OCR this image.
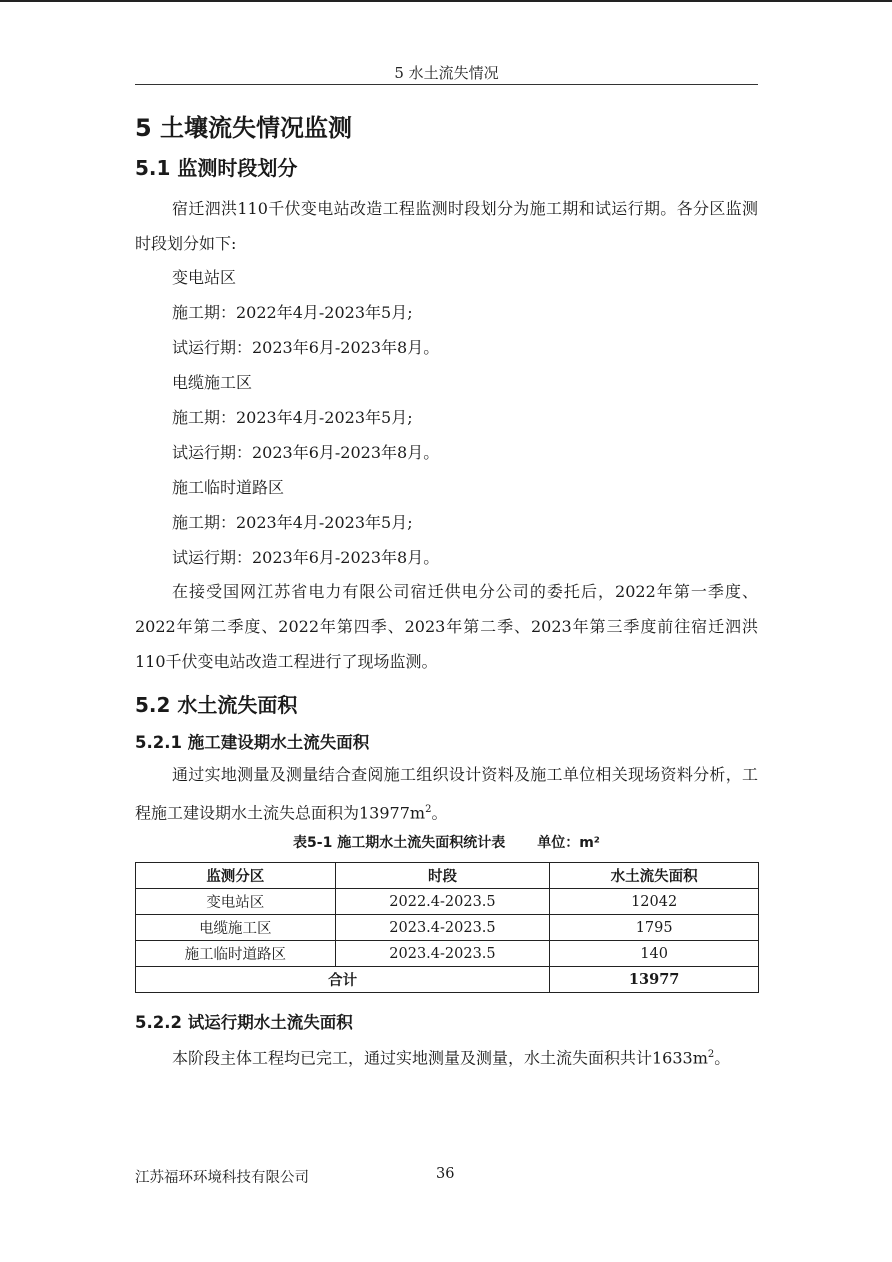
5 水土流失情况
5 土壤流失情况监测
5.1 监测时段划分

宿迁泗洪110千伏变电站改造工程监测时段划分为施工期和试运行期。各分区监测时段划分如下:

变电站区
施工期：2022年4月-2023年5月;
试运行期：2023年6月-2023年8月。
电缆施工区
施工期：2023年4月-2023年5月;
试运行期：2023年6月-2023年8月。
施工临时道路区
施工期：2023年4月-2023年5月;
试运行期：2023年6月-2023年8月。

在接受国网江苏省电力有限公司宿迁供电分公司的委托后，2022年第一季度、2022年第二季度、2022年第四季、2023年第二季、2023年第三季度前往宿迁泗洪110千伏变电站改造工程进行了现场监测。

5.2 水土流失面积
5.2.1 施工建设期水土流失面积

通过实地测量及测量结合查阅施工组织设计资料及施工单位相关现场资料分析，工程施工建设期水土流失总面积为$13977m^2$。

表5-1 施工期水土流失面积统计表 单位：m²
监测分区	时段	水土流失面积
变电站区	2022.4-2023.5	12042
电缆施工区	2023.4-2023.5	1795
施工临时道路区	2023.4-2023.5	140
合计		13977
5.2.2 试运行期水土流失面积

本阶段主体工程均已完工，通过实地测量及测量，水土流失面积共计$1633m^2$。

江苏福环环境科技有限公司	36
